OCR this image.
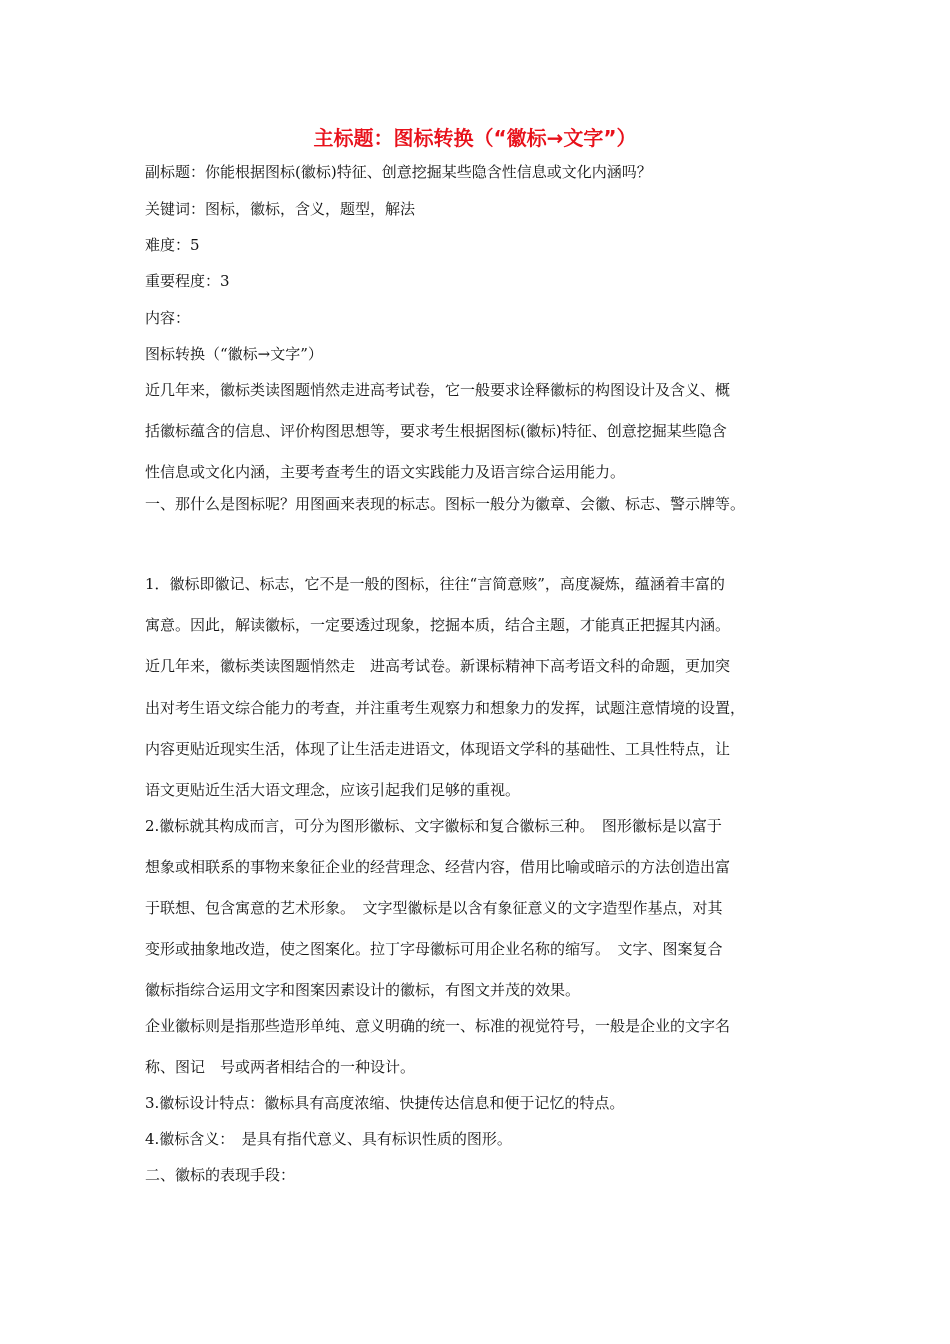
主标题：图标转换（“徽标→文字”）
副标题：你能根据图标(徽标)特征、创意挖掘某些隐含性信息或文化内涵吗？
关键词：图标，徽标，含义，题型，解法
难度：5
重要程度：3
内容：
图标转换（“徽标→文字”）
近几年来，徽标类读图题悄然走进高考试卷，它一般要求诠释徽标的构图设计及含义、概
括徽标蕴含的信息、评价构图思想等，要求考生根据图标(徽标)特征、创意挖掘某些隐含
性信息或文化内涵，主要考查考生的语文实践能力及语言综合运用能力。
一、那什么是图标呢？用图画来表现的标志。图标一般分为徽章、会徽、标志、警示牌等。
1．徽标即徽记、标志，它不是一般的图标，往往“言简意赅”，高度凝炼，蕴涵着丰富的
寓意。因此，解读徽标，一定要透过现象，挖掘本质，结合主题，才能真正把握其内涵。
近几年来，徽标类读图题悄然走　进高考试卷。新课标精神下高考语文科的命题，更加突
出对考生语文综合能力的考查，并注重考生观察力和想象力的发挥，试题注意情境的设置，
内容更贴近现实生活，体现了让生活走进语文，体现语文学科的基础性、工具性特点，让
语文更贴近生活大语文理念，应该引起我们足够的重视。
2.徽标就其构成而言，可分为图形徽标、文字徽标和复合徽标三种。　图形徽标是以富于
想象或相联系的事物来象征企业的经营理念、经营内容，借用比喻或暗示的方法创造出富
于联想、包含寓意的艺术形象。　文字型徽标是以含有象征意义的文字造型作基点，对其
变形或抽象地改造，使之图案化。拉丁字母徽标可用企业名称的缩写。　文字、图案复合
徽标指综合运用文字和图案因素设计的徽标，有图文并茂的效果。
企业徽标则是指那些造形单纯、意义明确的统一、标准的视觉符号，一般是企业的文字名
称、图记　号或两者相结合的一种设计。
3.徽标设计特点：徽标具有高度浓缩、快捷传达信息和便于记忆的特点。
4.徽标含义：　是具有指代意义、具有标识性质的图形。
二、徽标的表现手段：
